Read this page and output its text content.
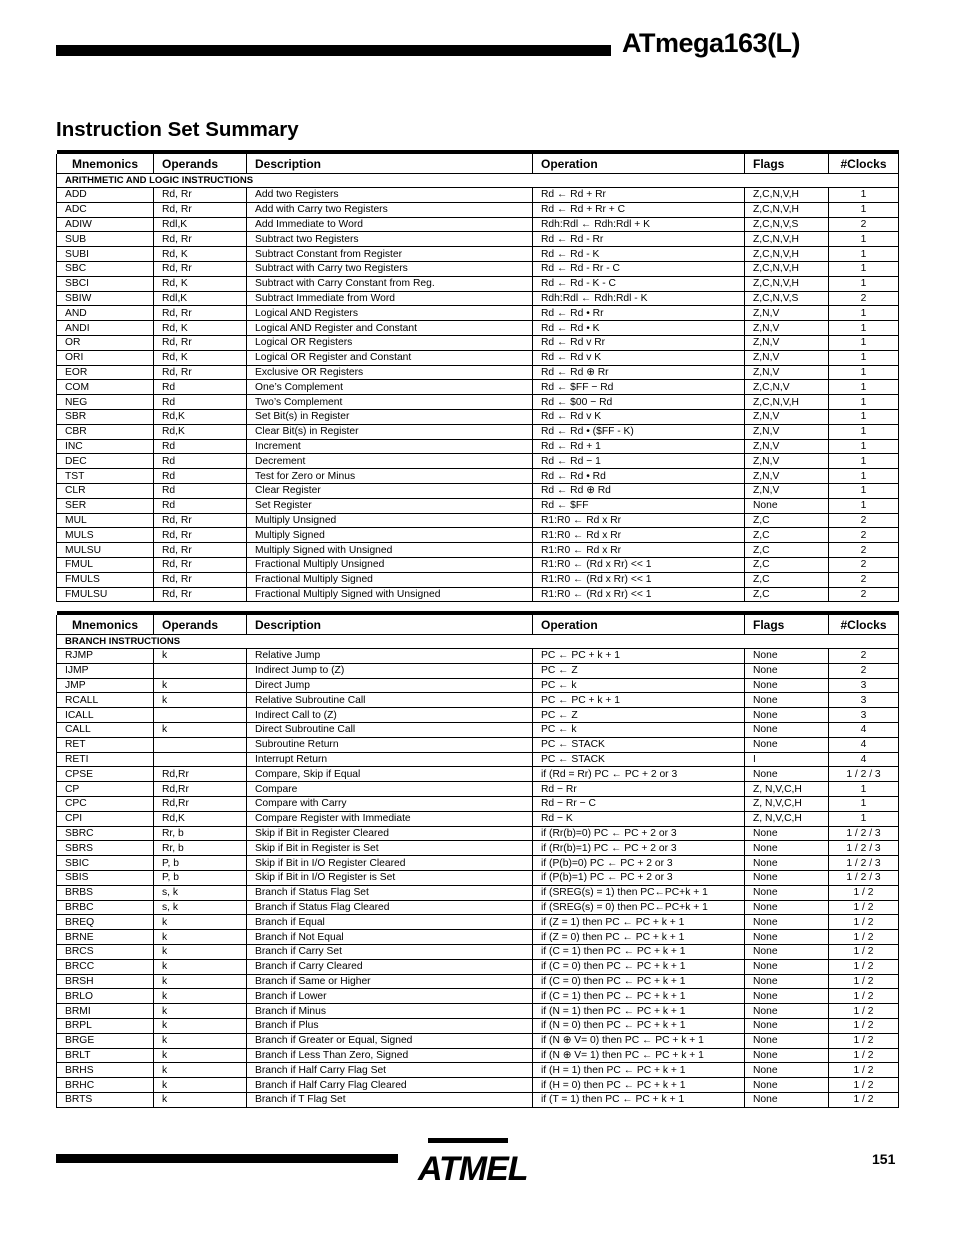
ATmega163(L)
Instruction Set Summary

Mnemonics	Operands	Description	Operation	Flags	#Clocks
ARITHMETIC AND LOGIC INSTRUCTIONS					
ADD	Rd, Rr	Add two Registers	Rd ← Rd + Rr	Z,C,N,V,H	1
ADC	Rd, Rr	Add with Carry two Registers	Rd ← Rd + Rr + C	Z,C,N,V,H	1
ADIW	Rdl,K	Add Immediate to Word	Rdh:Rdl ← Rdh:Rdl + K	Z,C,N,V,S	2
SUB	Rd, Rr	Subtract two Registers	Rd ← Rd - Rr	Z,C,N,V,H	1
SUBI	Rd, K	Subtract Constant from Register	Rd ← Rd - K	Z,C,N,V,H	1
SBC	Rd, Rr	Subtract with Carry two Registers	Rd ← Rd - Rr - C	Z,C,N,V,H	1
SBCI	Rd, K	Subtract with Carry Constant from Reg.	Rd ← Rd - K - C	Z,C,N,V,H	1
SBIW	Rdl,K	Subtract Immediate from Word	Rdh:Rdl ← Rdh:Rdl - K	Z,C,N,V,S	2
AND	Rd, Rr	Logical AND Registers	Rd ← Rd • Rr	Z,N,V	1
ANDI	Rd, K	Logical AND Register and Constant	Rd ← Rd • K	Z,N,V	1
OR	Rd, Rr	Logical OR Registers	Rd ← Rd v Rr	Z,N,V	1
ORI	Rd, K	Logical OR Register and Constant	Rd ← Rd v K	Z,N,V	1
EOR	Rd, Rr	Exclusive OR Registers	Rd ← Rd ⊕ Rr	Z,N,V	1
COM	Rd	One’s Complement	Rd ← $FF − Rd	Z,C,N,V	1
NEG	Rd	Two’s Complement	Rd ← $00 − Rd	Z,C,N,V,H	1
SBR	Rd,K	Set Bit(s) in Register	Rd ← Rd v K	Z,N,V	1
CBR	Rd,K	Clear Bit(s) in Register	Rd ← Rd • ($FF - K)	Z,N,V	1
INC	Rd	Increment	Rd ← Rd + 1	Z,N,V	1
DEC	Rd	Decrement	Rd ← Rd − 1	Z,N,V	1
TST	Rd	Test for Zero or Minus	Rd ← Rd • Rd	Z,N,V	1
CLR	Rd	Clear Register	Rd ← Rd ⊕ Rd	Z,N,V	1
SER	Rd	Set Register	Rd ← $FF	None	1
MUL	Rd, Rr	Multiply Unsigned	R1:R0 ← Rd x Rr	Z,C	2
MULS	Rd, Rr	Multiply Signed	R1:R0 ← Rd x Rr	Z,C	2
MULSU	Rd, Rr	Multiply Signed with Unsigned	R1:R0 ← Rd x Rr	Z,C	2
FMUL	Rd, Rr	Fractional Multiply Unsigned	R1:R0 ← (Rd x Rr) << 1	Z,C	2
FMULS	Rd, Rr	Fractional Multiply Signed	R1:R0 ← (Rd x Rr) << 1	Z,C	2
FMULSU	Rd, Rr	Fractional Multiply Signed with Unsigned	R1:R0 ← (Rd x Rr) << 1	Z,C	2

Mnemonics	Operands	Description	Operation	Flags	#Clocks
BRANCH INSTRUCTIONS					
RJMP	k	Relative Jump	PC ← PC + k + 1	None	2
IJMP		Indirect Jump to (Z)	PC ← Z	None	2
JMP	k	Direct Jump	PC ← k	None	3
RCALL	k	Relative Subroutine Call	PC ← PC + k + 1	None	3
ICALL		Indirect Call to (Z)	PC ← Z	None	3
CALL	k	Direct Subroutine Call	PC ← k	None	4
RET		Subroutine Return	PC ← STACK	None	4
RETI		Interrupt Return	PC ← STACK	I	4
CPSE	Rd,Rr	Compare, Skip if Equal	if (Rd = Rr) PC ← PC + 2 or 3	None	1 / 2 / 3
CP	Rd,Rr	Compare	Rd − Rr	Z, N,V,C,H	1
CPC	Rd,Rr	Compare with Carry	Rd − Rr − C	Z, N,V,C,H	1
CPI	Rd,K	Compare Register with Immediate	Rd − K	Z, N,V,C,H	1
SBRC	Rr, b	Skip if Bit in Register Cleared	if (Rr(b)=0) PC ← PC + 2 or 3	None	1 / 2 / 3
SBRS	Rr, b	Skip if Bit in Register is Set	if (Rr(b)=1) PC ← PC + 2 or 3	None	1 / 2 / 3
SBIC	P, b	Skip if Bit in I/O Register Cleared	if (P(b)=0) PC ← PC + 2 or 3	None	1 / 2 / 3
SBIS	P, b	Skip if Bit in I/O Register is Set	if (P(b)=1) PC ← PC + 2 or 3	None	1 / 2 / 3
BRBS	s, k	Branch if Status Flag Set	if (SREG(s) = 1) then PC←PC+k + 1	None	1 / 2
BRBC	s, k	Branch if Status Flag Cleared	if (SREG(s) = 0) then PC←PC+k + 1	None	1 / 2
BREQ	k	Branch if Equal	if (Z = 1) then PC ← PC + k + 1	None	1 / 2
BRNE	k	Branch if Not Equal	if (Z = 0) then PC ← PC + k + 1	None	1 / 2
BRCS	k	Branch if Carry Set	if (C = 1) then PC ← PC + k + 1	None	1 / 2
BRCC	k	Branch if Carry Cleared	if (C = 0) then PC ← PC + k + 1	None	1 / 2
BRSH	k	Branch if Same or Higher	if (C = 0) then PC ← PC + k + 1	None	1 / 2
BRLO	k	Branch if Lower	if (C = 1) then PC ← PC + k + 1	None	1 / 2
BRMI	k	Branch if Minus	if (N = 1) then PC ← PC + k + 1	None	1 / 2
BRPL	k	Branch if Plus	if (N = 0) then PC ← PC + k + 1	None	1 / 2
BRGE	k	Branch if Greater or Equal, Signed	if (N ⊕ V= 0) then PC ← PC + k + 1	None	1 / 2
BRLT	k	Branch if Less Than Zero, Signed	if (N ⊕ V= 1) then PC ← PC + k + 1	None	1 / 2
BRHS	k	Branch if Half Carry Flag Set	if (H = 1) then PC ← PC + k + 1	None	1 / 2
BRHC	k	Branch if Half Carry Flag Cleared	if (H = 0) then PC ← PC + k + 1	None	1 / 2
BRTS	k	Branch if T Flag Set	if (T = 1) then PC ← PC + k + 1	None	1 / 2
ATMEL	151
